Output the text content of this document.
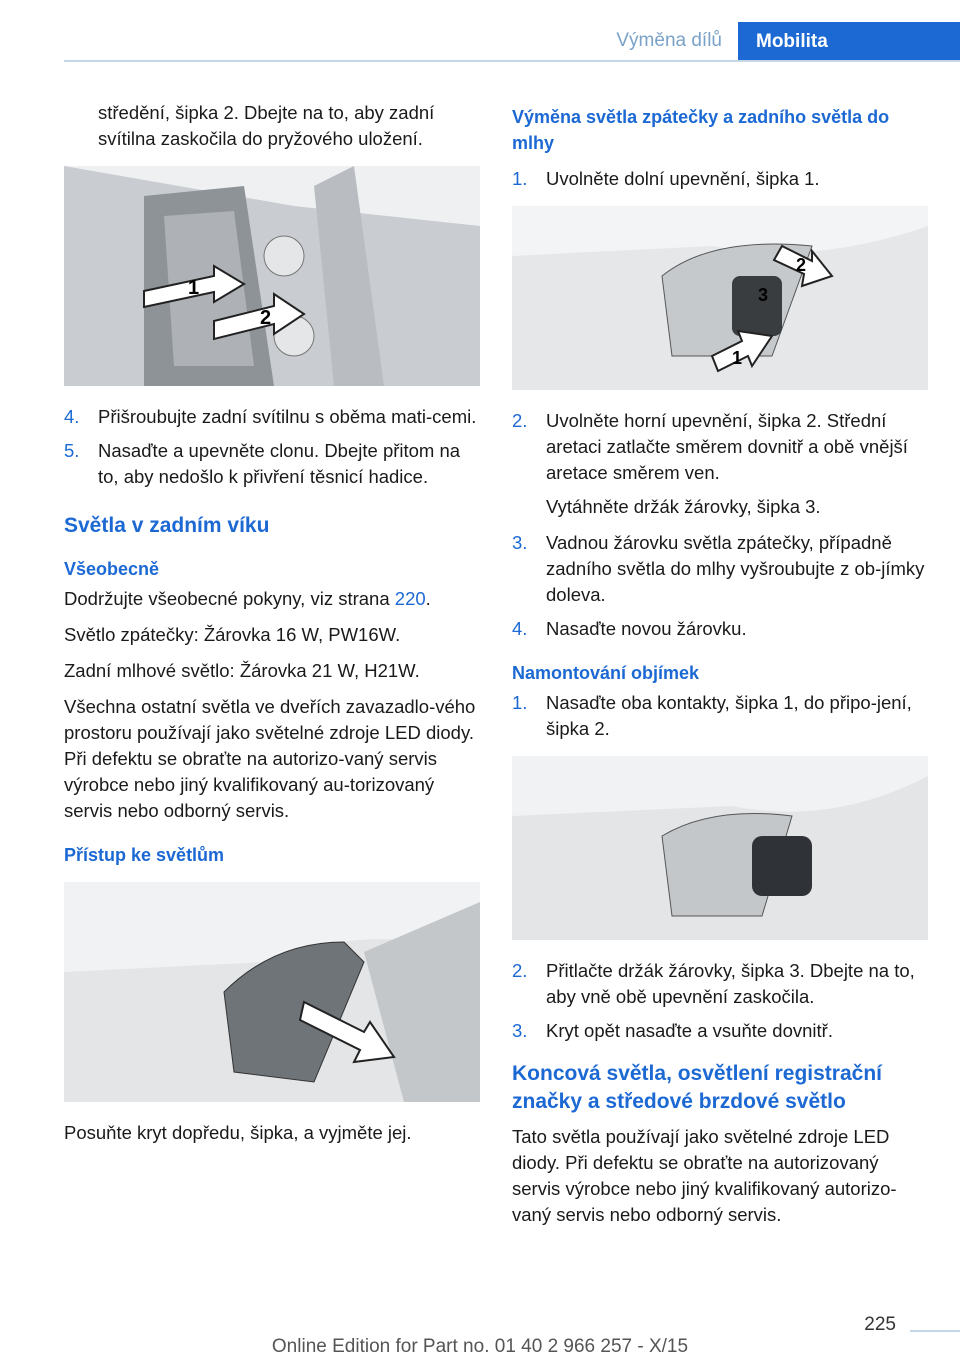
Výměna dílů	Mobilita

středění, šipka 2. Dbejte na to, aby zadní svítilna zaskočila do pryžového uložení.

1
2
4. Přišroubujte zadní svítilnu s oběma mati‐cemi.
5. Nasaďte a upevněte clonu. Dbejte přitom na to, aby nedošlo k přivření těsnicí hadice.
Světla v zadním víku
Všeobecně

Dodržujte všeobecné pokyny, viz strana 220.

Světlo zpátečky: Žárovka 16 W, PW16W.

Zadní mlhové světlo: Žárovka 21 W, H21W.

Všechna ostatní světla ve dveřích zavazadlo‐vého prostoru používají jako světelné zdroje LED diody. Při defektu se obraťte na autorizo‐vaný servis výrobce nebo jiný kvalifikovaný au‐torizovaný servis nebo odborný servis.

Přístup ke světlům

Posuňte kryt dopředu, šipka, a vyjměte jej.

Výměna světla zpátečky a zadního světla do mlhy
1. Uvolněte dolní upevnění, šipka 1.
1
2
3
2. Uvolněte horní upevnění, šipka 2. Střední aretaci zatlačte směrem dovnitř a obě vnější aretace směrem ven.

Vytáhněte držák žárovky, šipka 3.

3. Vadnou žárovku světla zpátečky, případně zadního světla do mlhy vyšroubujte z ob‐jímky doleva.
4. Nasaďte novou žárovku.
Namontování objímek
1. Nasaďte oba kontakty, šipka 1, do připo‐jení, šipka 2.
2. Přitlačte držák žárovky, šipka 3. Dbejte na to, aby vně obě upevnění zaskočila.
3. Kryt opět nasaďte a vsuňte dovnitř.
Koncová světla, osvětlení registrační značky a středové brzdové světlo

Tato světla používají jako světelné zdroje LED diody. Při defektu se obraťte na autorizovaný servis výrobce nebo jiný kvalifikovaný autorizo‐vaný servis nebo odborný servis.

225
Online Edition for Part no. 01 40 2 966 257 - X/15
